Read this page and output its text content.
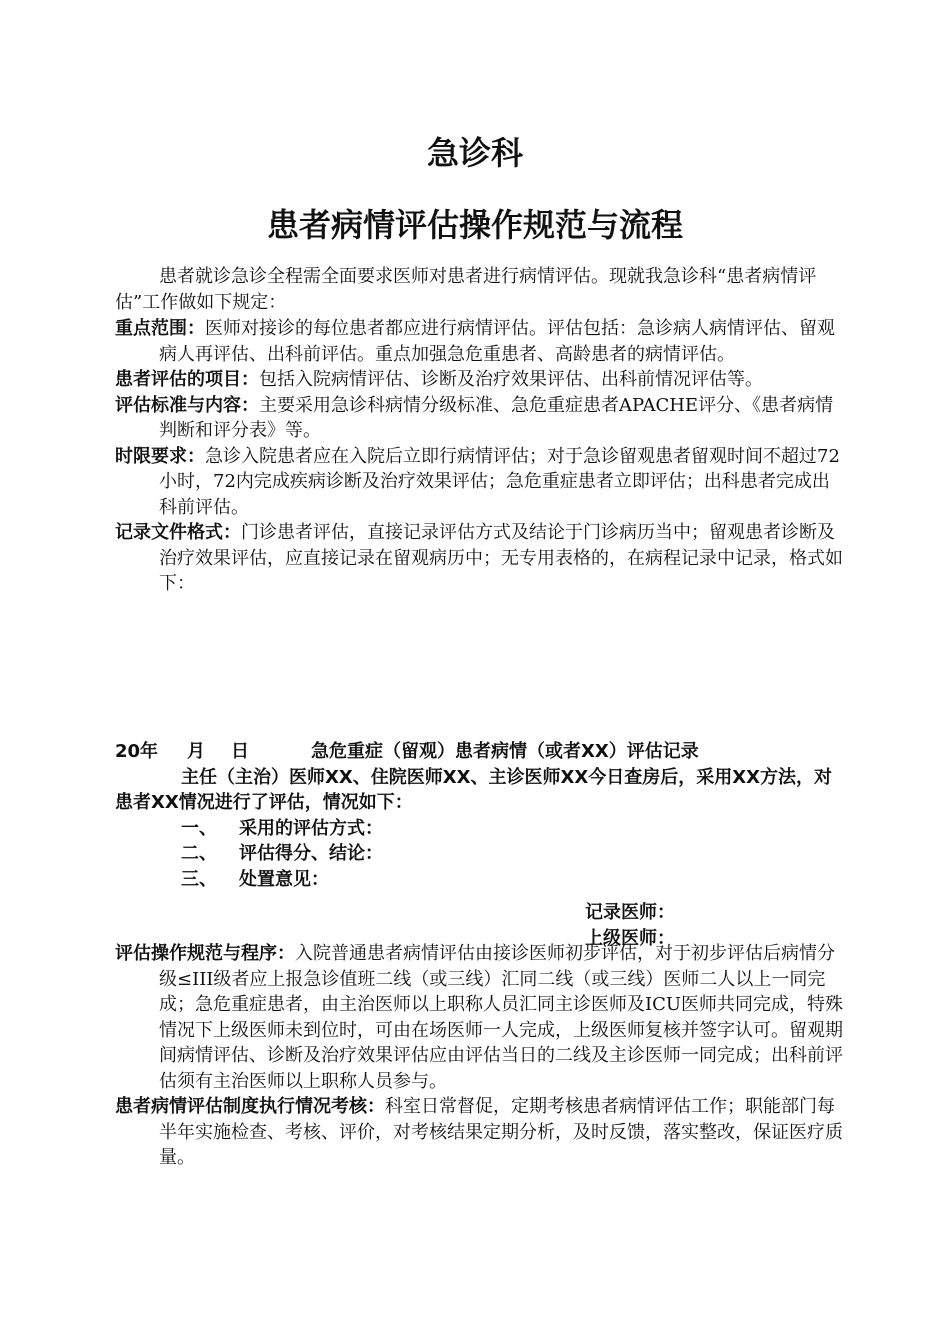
急诊科
患者病情评估操作规范与流程

患者就诊急诊全程需全面要求医师对患者进行病情评估。现就我急诊科“患者病情评估”工作做如下规定：

重点范围：医师对接诊的每位患者都应进行病情评估。评估包括：急诊病人病情评估、留观病人再评估、出科前评估。重点加强急危重患者、高龄患者的病情评估。

患者评估的项目：包括入院病情评估、诊断及治疗效果评估、出科前情况评估等。

评估标准与内容：主要采用急诊科病情分级标准、急危重症患者APACHE评分、《患者病情判断和评分表》等。

时限要求：急诊入院患者应在入院后立即行病情评估；对于急诊留观患者留观时间不超过72小时，72内完成疾病诊断及治疗效果评估；急危重症患者立即评估；出科患者完成出科前评估。

记录文件格式：门诊患者评估，直接记录评估方式及结论于门诊病历当中；留观患者诊断及治疗效果评估，应直接记录在留观病历中；无专用表格的，在病程记录中记录，格式如下：

20年 月 日	急危重症（留观）患者病情（或者XX）评估记录

主任（主治）医师XX、住院医师XX、主诊医师XX今日查房后，采用XX方法，对患者XX情况进行了评估，情况如下：

一、 采用的评估方式：

二、 评估得分、结论：

三、 处置意见：

记录医师：

上级医师：

评估操作规范与程序：入院普通患者病情评估由接诊医师初步评估，对于初步评估后病情分级≤III级者应上报急诊值班二线（或三线）汇同二线（或三线）医师二人以上一同完成；急危重症患者，由主治医师以上职称人员汇同主诊医师及ICU医师共同完成，特殊情况下上级医师未到位时，可由在场医师一人完成，上级医师复核并签字认可。留观期间病情评估、诊断及治疗效果评估应由评估当日的二线及主诊医师一同完成；出科前评估须有主治医师以上职称人员参与。

患者病情评估制度执行情况考核：科室日常督促，定期考核患者病情评估工作；职能部门每半年实施检查、考核、评价，对考核结果定期分析，及时反馈，落实整改，保证医疗质量。
